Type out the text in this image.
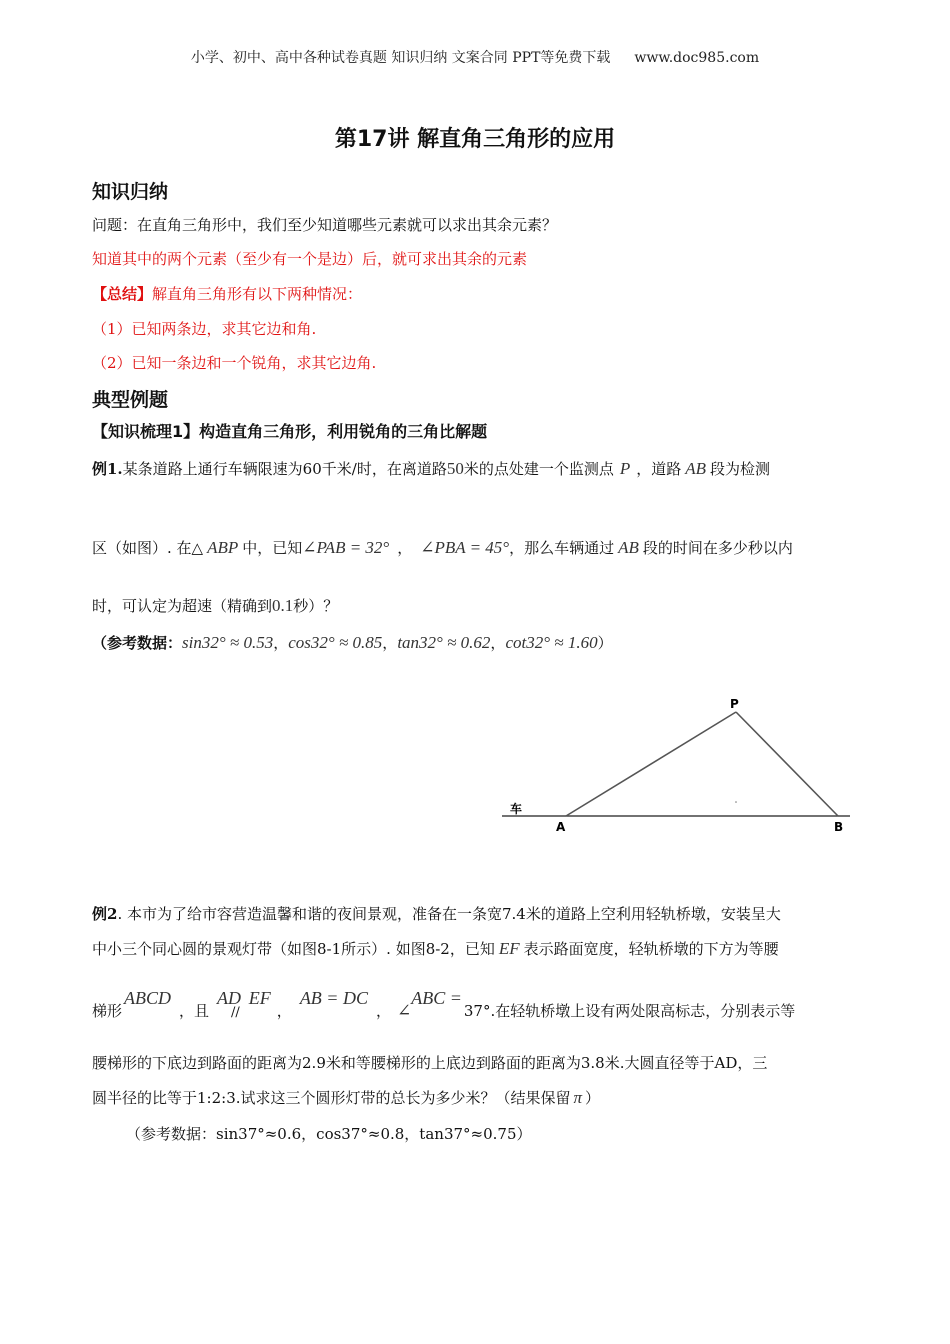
小学、初中、高中各种试卷真题 知识归纳 文案合同 PPT等免费下载 www.doc985.com
第17讲 解直角三角形的应用
知识归纳
问题：在直角三角形中，我们至少知道哪些元素就可以求出其余元素？
知道其中的两个元素（至少有一个是边）后，就可求出其余的元素
【总结】解直角三角形有以下两种情况：
（1）已知两条边，求其它边和角.
（2）已知一条边和一个锐角，求其它边角.
典型例题
【知识梳理1】构造直角三角形，利用锐角的三角比解题
例1.某条道路上通行车辆限速为60千米/时，在离道路50米的点处建一个监测点 P ，道路 AB 段为检测
区（如图）. 在△ ABP 中，已知∠PAB = 32° ， ∠PBA = 45°，那么车辆通过 AB 段的时间在多少秒以内
时，可认定为超速（精确到0.1秒）？
（参考数据：sin32° ≈ 0.53，cos32° ≈ 0.85，tan32° ≈ 0.62，cot32° ≈ 1.60）
车
A	B
P
例2. 本市为了给市容营造温馨和谐的夜间景观，准备在一条宽7.4米的道路上空利用轻轨桥墩，安装呈大
中小三个同心圆的景观灯带（如图8-1所示）. 如图8-2，已知 EF 表示路面宽度，轻轨桥墩的下方为等腰
梯形ABCD，且AD//EF，AB = DC， ∠ABC =37°.在轻轨桥墩上设有两处限高标志，分别表示等
腰梯形的下底边到路面的距离为2.9米和等腰梯形的上底边到路面的距离为3.8米.大圆直径等于AD，三
圆半径的比等于1:2:3.试求这三个圆形灯带的总长为多少米？（结果保留 π ）
（参考数据：sin37°≈0.6，cos37°≈0.8，tan37°≈0.75）
